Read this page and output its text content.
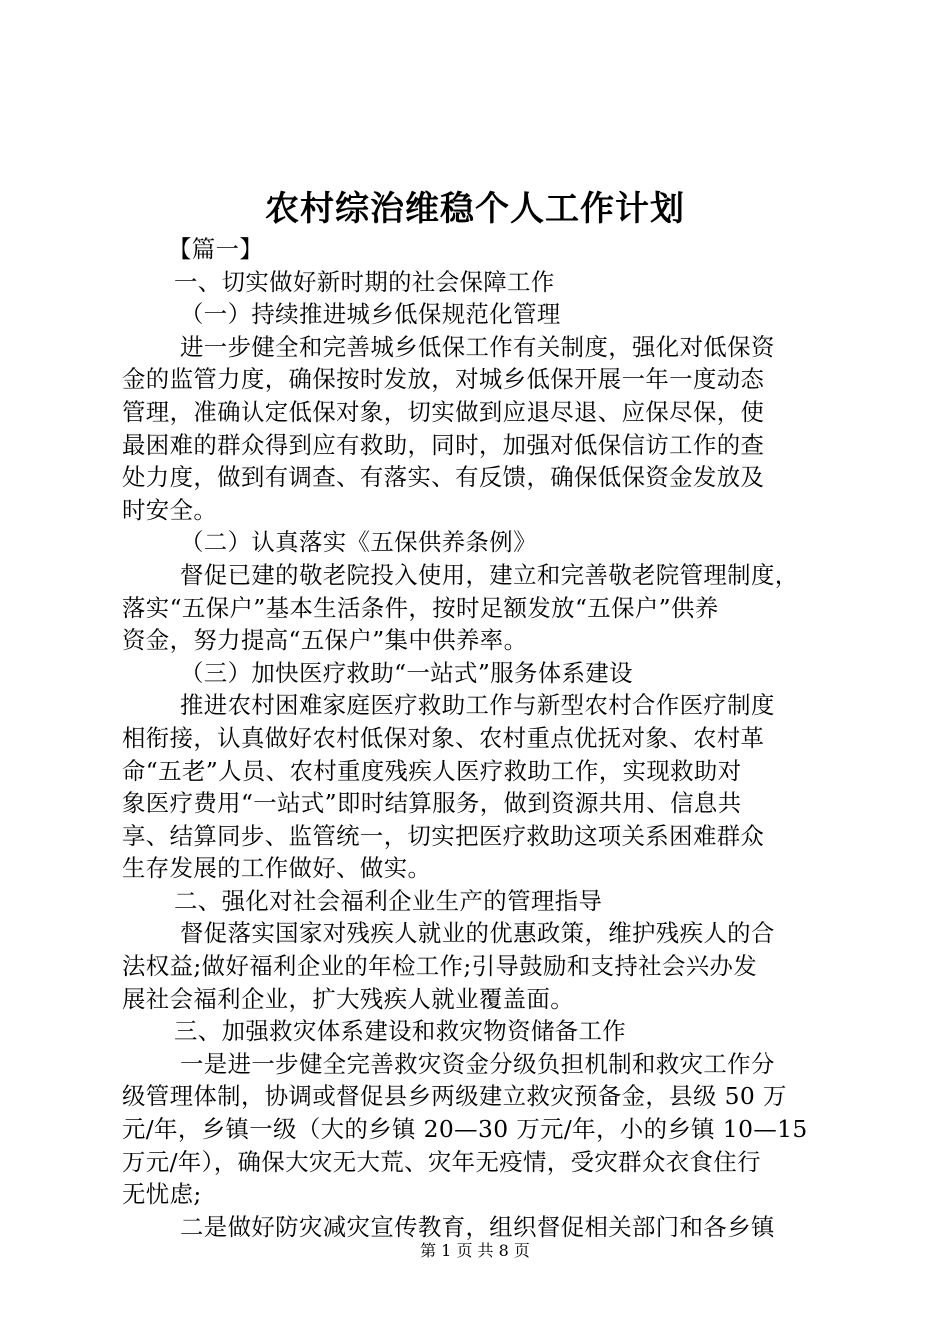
农村综治维稳个人工作计划
【篇一】
一、切实做好新时期的社会保障工作
（一）持续推进城乡低保规范化管理
进一步健全和完善城乡低保工作有关制度，强化对低保资
金的监管力度，确保按时发放，对城乡低保开展一年一度动态
管理，准确认定低保对象，切实做到应退尽退、应保尽保，使
最困难的群众得到应有救助，同时，加强对低保信访工作的查
处力度，做到有调查、有落实、有反馈，确保低保资金发放及
时安全。
（二）认真落实《五保供养条例》
督促已建的敬老院投入使用，建立和完善敬老院管理制度，
落实“五保户”基本生活条件，按时足额发放“五保户”供养
资金，努力提高“五保户”集中供养率。
（三）加快医疗救助“一站式”服务体系建设
推进农村困难家庭医疗救助工作与新型农村合作医疗制度
相衔接，认真做好农村低保对象、农村重点优抚对象、农村革
命“五老”人员、农村重度残疾人医疗救助工作，实现救助对
象医疗费用“一站式”即时结算服务，做到资源共用、信息共
享、结算同步、监管统一，切实把医疗救助这项关系困难群众
生存发展的工作做好、做实。
二、强化对社会福利企业生产的管理指导
督促落实国家对残疾人就业的优惠政策，维护残疾人的合
法权益;做好福利企业的年检工作;引导鼓励和支持社会兴办发
展社会福利企业，扩大残疾人就业覆盖面。
三、加强救灾体系建设和救灾物资储备工作
一是进一步健全完善救灾资金分级负担机制和救灾工作分
级管理体制，协调或督促县乡两级建立救灾预备金，县级 50 万
元/年，乡镇一级（大的乡镇 20—30 万元/年，小的乡镇 10—15
万元/年），确保大灾无大荒、灾年无疫情，受灾群众衣食住行
无忧虑;
二是做好防灾减灾宣传教育，组织督促相关部门和各乡镇
第 1 页 共 8 页
